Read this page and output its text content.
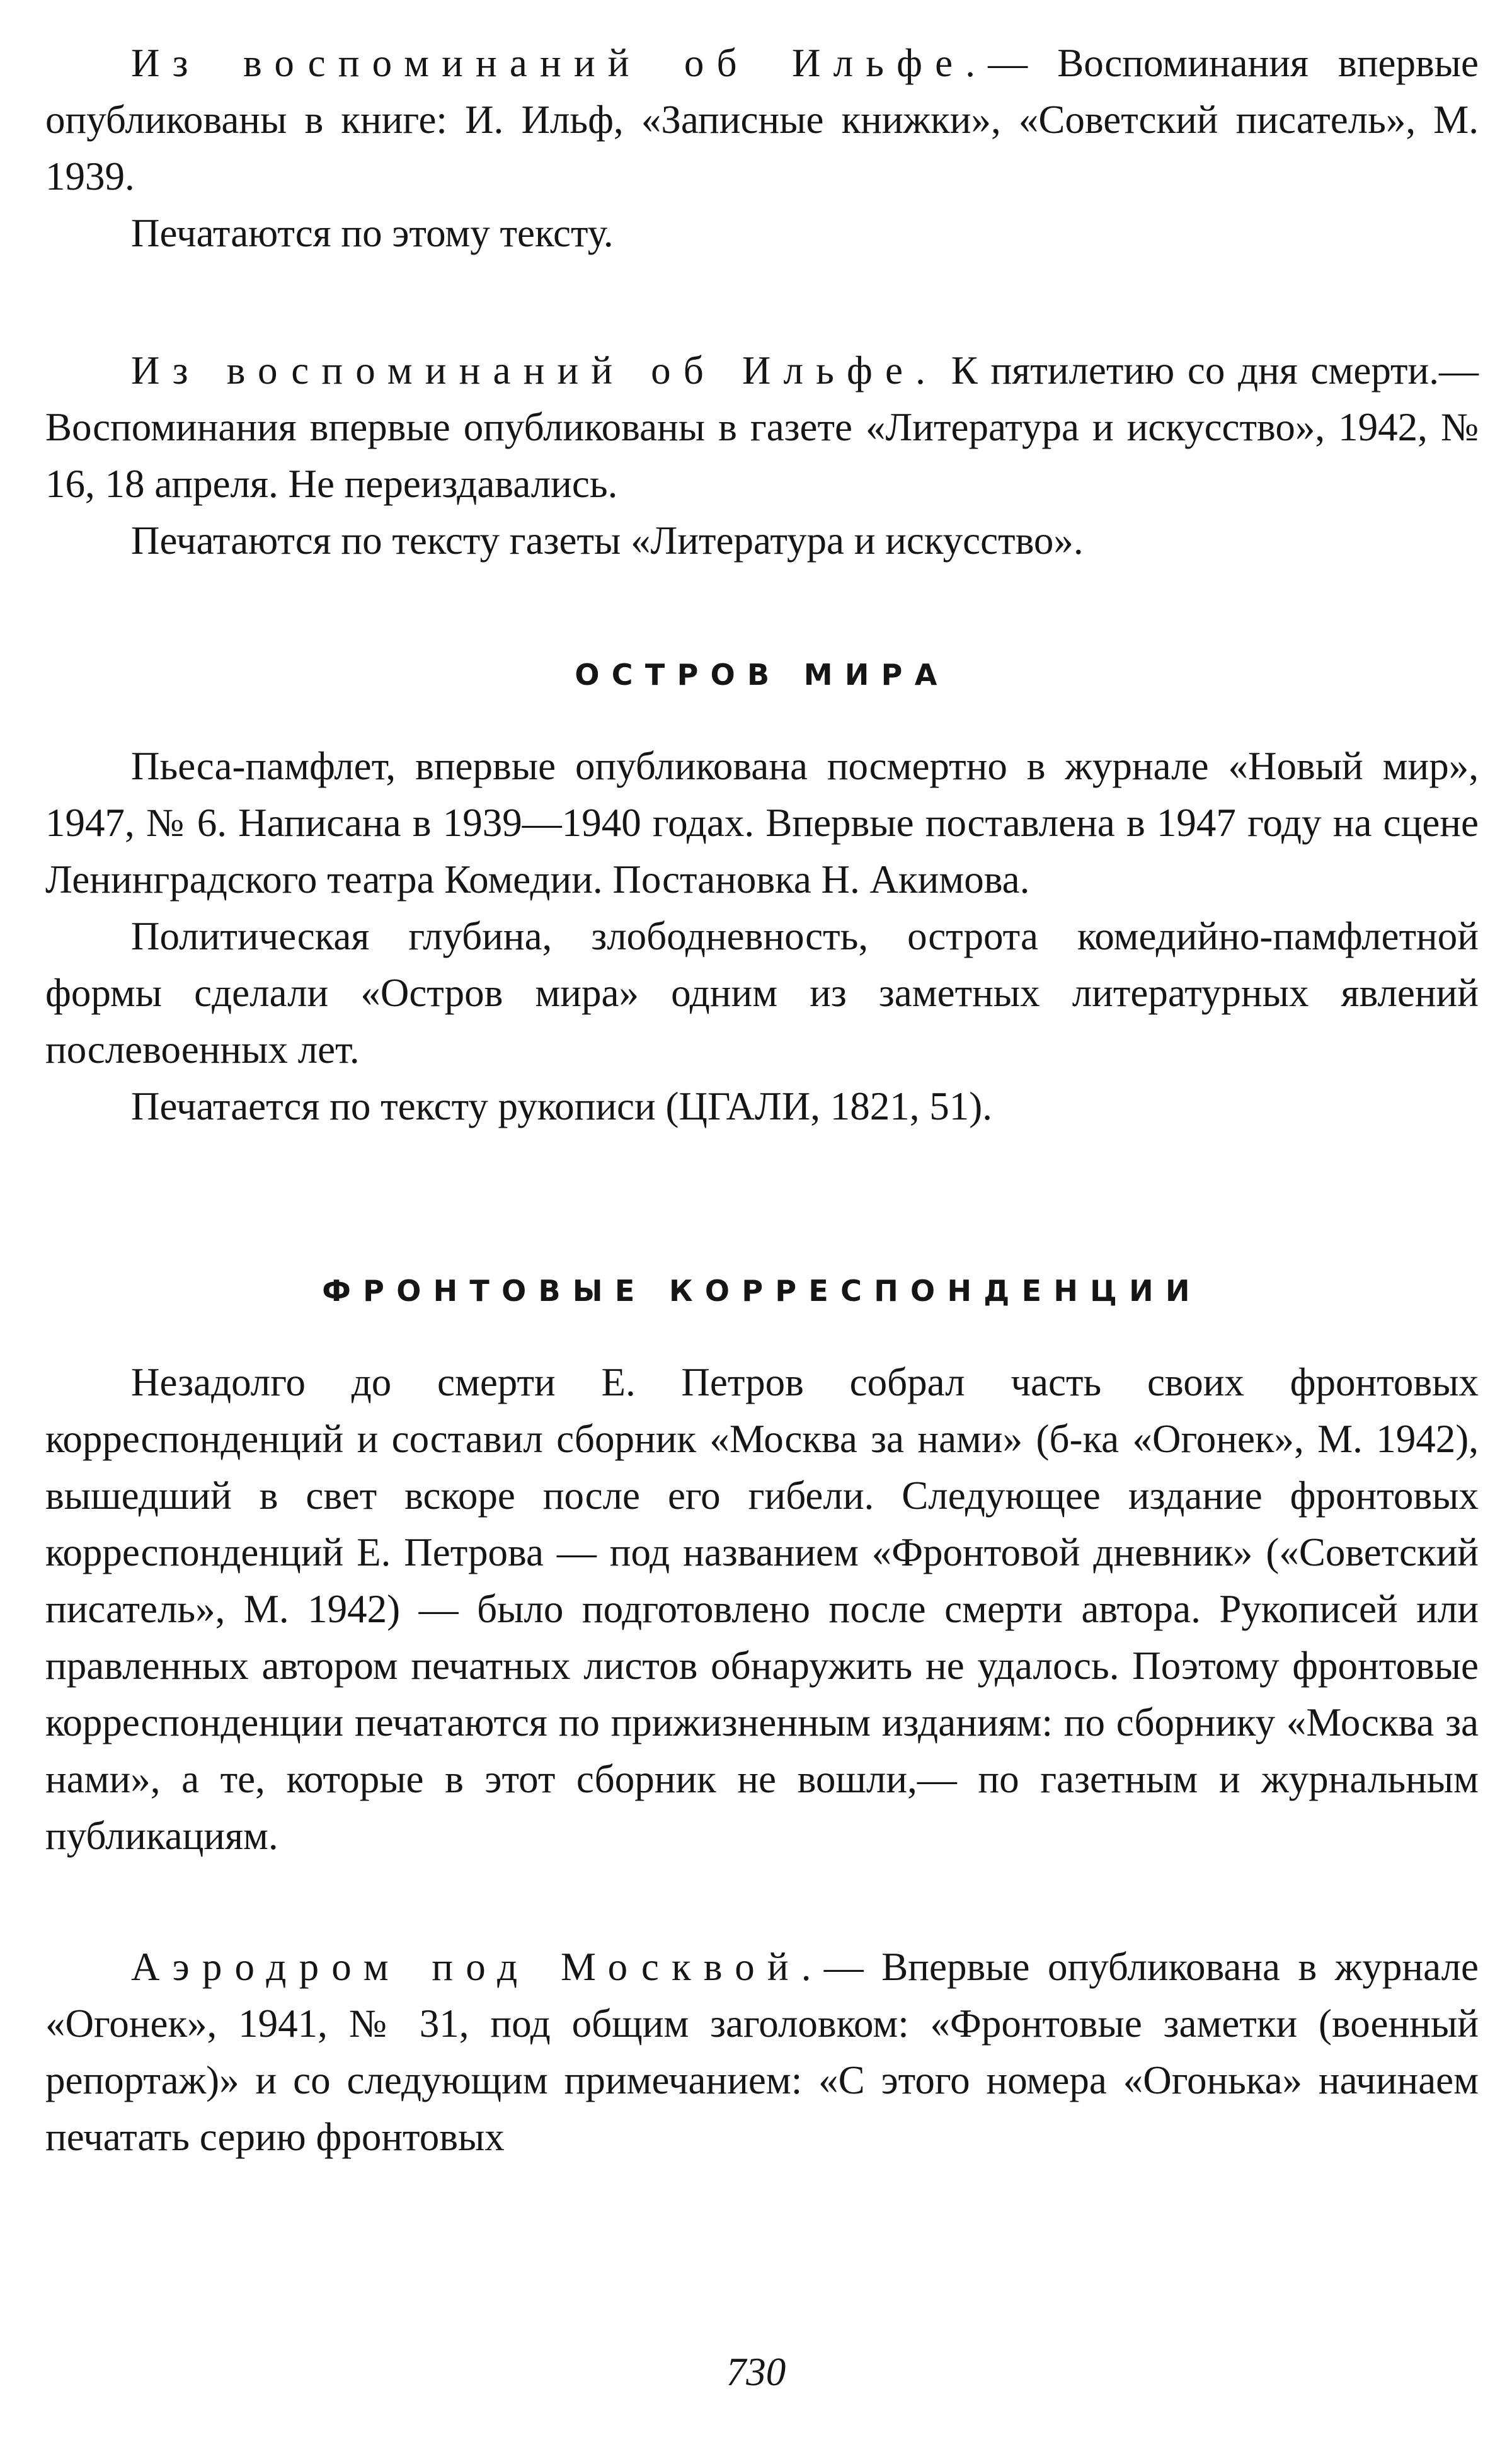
Из воспоминаний об Ильфе.— Воспоминания впервые опубликованы в книге: И. Ильф, «Записные книжки», «Советский писатель», М. 1939.

Печатаются по этому тексту.

Из воспоминаний об Ильфе. К пятилетию со дня смерти.— Воспоминания впервые опубликованы в газете «Литература и искусство», 1942, № 16, 18 апреля. Не переиздавались.

Печатаются по тексту газеты «Литература и искусство».

ОСТРОВ МИРА

Пьеса-памфлет, впервые опубликована посмертно в журнале «Новый мир», 1947, № 6. Написана в 1939—1940 годах. Впервые поставлена в 1947 году на сцене Ленинградского театра Комедии. Постановка Н. Акимова.

Политическая глубина, злободневность, острота комедийно-памфлетной формы сделали «Остров мира» одним из заметных литературных явлений послевоенных лет.

Печатается по тексту рукописи (ЦГАЛИ, 1821, 51).

ФРОНТОВЫЕ КОРРЕСПОНДЕНЦИИ

Незадолго до смерти Е. Петров собрал часть своих фронтовых корреспонденций и составил сборник «Москва за нами» (б-ка «Огонек», М. 1942), вышедший в свет вскоре после его гибели. Следующее издание фронтовых корреспонденций Е. Петрова — под названием «Фронтовой дневник» («Советский писатель», М. 1942) — было подготовлено после смерти автора. Рукописей или правленных автором печатных листов обнаружить не удалось. Поэтому фронтовые корреспонденции печатаются по прижизненным изданиям: по сборнику «Москва за нами», а те, которые в этот сборник не вошли,— по газетным и журнальным публикациям.

Аэродром под Москвой.— Впервые опубликована в журнале «Огонек», 1941, № 31, под общим заголовком: «Фронтовые заметки (военный репортаж)» и со следующим примечанием: «С этого номера «Огонька» начинаем печатать серию фронтовых

730
